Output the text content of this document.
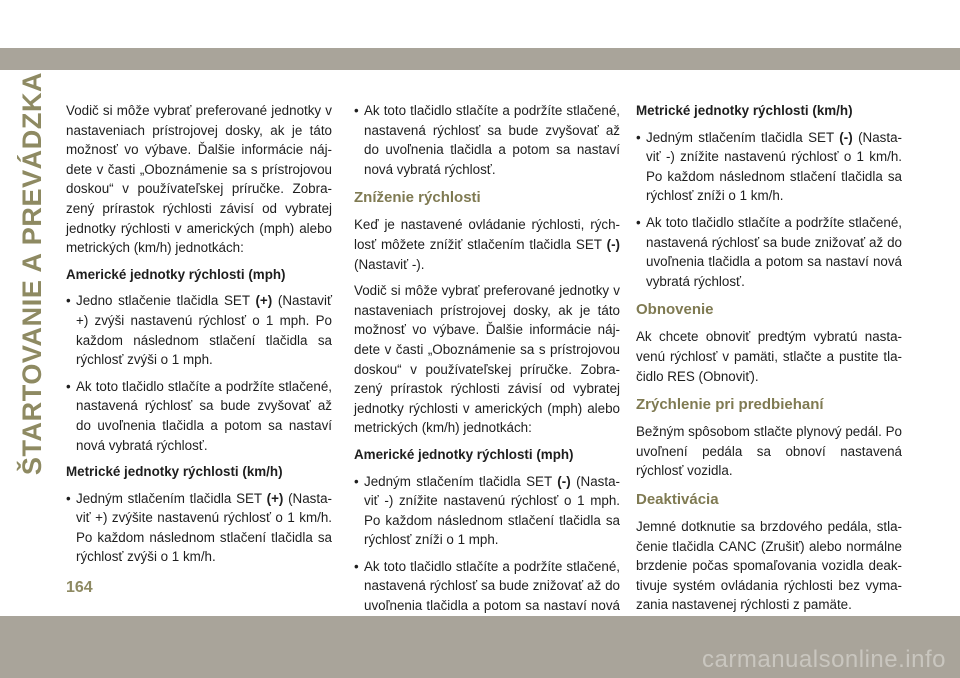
ŠTARTOVANIE A PREVÁDZKA Vodič si môže vybrať preferované jednotky v nastaveniach prístrojovej dosky, ak je táto možnosť vo výbave. Ďalšie informácie náj- dete v časti „Oboznámenie sa s prístrojovou doskou“ v používateľskej príručke. Zobra- zený prírastok rýchlosti závisí od vybratej jednotky rýchlosti v amerických (mph) alebo metrických (km/h) jednotkách:

Americké jednotky rýchlosti (mph)
• Jedno stlačenie tlačidla SET (+) (Nastaviť +) zvýši nastavenú rýchlosť o 1 mph. Po každom následnom stlačení tlačidla sa rýchlosť zvýši o 1 mph.
• Ak toto tlačidlo stlačíte a podržíte stlačené, nastavená rýchlosť sa bude zvyšovať až do uvoľnenia tlačidla a potom sa nastaví nová vybratá rýchlosť.
Metrické jednotky rýchlosti (km/h)
• Jedným stlačením tlačidla SET (+) (Nasta- viť +) zvýšite nastavenú rýchlosť o 1 km/h. Po každom následnom stlačení tlačidla sa rýchlosť zvýši o 1 km/h.
• Ak toto tlačidlo stlačíte a podržíte stlačené, nastavená rýchlosť sa bude zvyšovať až do uvoľnenia tlačidla a potom sa nastaví nová vybratá rýchlosť.
Zníženie rýchlosti

Keď je nastavené ovládanie rýchlosti, rých- losť môžete znížiť stlačením tlačidla SET (-) (Nastaviť -).

Vodič si môže vybrať preferované jednotky v nastaveniach prístrojovej dosky, ak je táto možnosť vo výbave. Ďalšie informácie náj- dete v časti „Oboznámenie sa s prístrojovou doskou“ v používateľskej príručke. Zobra- zený prírastok rýchlosti závisí od vybratej jednotky rýchlosti v amerických (mph) alebo metrických (km/h) jednotkách:

Americké jednotky rýchlosti (mph)
• Jedným stlačením tlačidla SET (-) (Nasta- viť -) znížite nastavenú rýchlosť o 1 mph. Po každom následnom stlačení tlačidla sa rýchlosť zníži o 1 mph.
• Ak toto tlačidlo stlačíte a podržíte stlačené, nastavená rýchlosť sa bude znižovať až do uvoľnenia tlačidla a potom sa nastaví nová
Metrické jednotky rýchlosti (km/h)
• Jedným stlačením tlačidla SET (-) (Nasta- viť -) znížite nastavenú rýchlosť o 1 km/h. Po každom následnom stlačení tlačidla sa rýchlosť zníži o 1 km/h.
• Ak toto tlačidlo stlačíte a podržíte stlačené, nastavená rýchlosť sa bude znižovať až do uvoľnenia tlačidla a potom sa nastaví nová vybratá rýchlosť.
Obnovenie

Ak chcete obnoviť predtým vybratú nasta- venú rýchlosť v pamäti, stlačte a pustite tla- čidlo RES (Obnoviť).

Zrýchlenie pri predbiehaní

Bežným spôsobom stlačte plynový pedál. Po uvoľnení pedála sa obnoví nastavená rýchlosť vozidla.

Deaktivácia

Jemné dotknutie sa brzdového pedála, stla- čenie tlačidla CANC (Zrušiť) alebo normálne brzdenie počas spomaľovania vozidla deak- tivuje systém ovládania rýchlosti bez vyma- zania nastavenej rýchlosti z pamäte.

164
carmanualsonline.info
